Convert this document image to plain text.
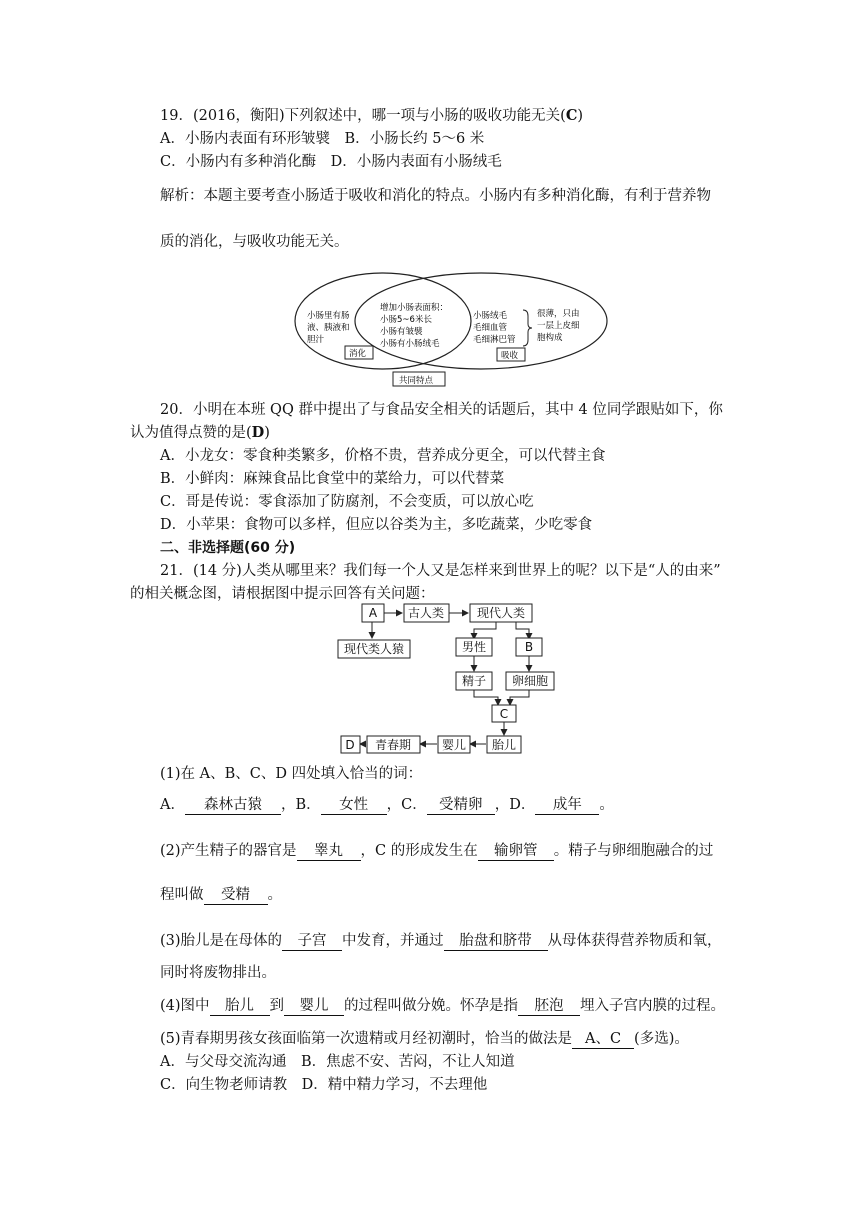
19．(2016，衡阳)下列叙述中，哪一项与小肠的吸收功能无关(C)
A．小肠内表面有环形皱襞　B．小肠长约 5～6 米
C．小肠内有多种消化酶　D．小肠内表面有小肠绒毛
解析：本题主要考查小肠适于吸收和消化的特点。小肠内有多种消化酶，有利于营养物
质的消化，与吸收功能无关。
小肠里有肠
液、胰液和
胆汁
增加小肠表面积：
小肠5~6米长
小肠有皱襞
小肠有小肠绒毛
小肠绒毛
毛细血管
毛细淋巴管
很薄，只由
一层上皮细
胞构成
消化	吸收
共同特点
20．小明在本班 QQ 群中提出了与食品安全相关的话题后，其中 4 位同学跟贴如下，你
认为值得点赞的是(D)
A．小龙女：零食种类繁多，价格不贵，营养成分更全，可以代替主食
B．小鲜肉：麻辣食品比食堂中的菜给力，可以代替菜
C．哥是传说：零食添加了防腐剂，不会变质，可以放心吃
D．小苹果：食物可以多样，但应以谷类为主，多吃蔬菜，少吃零食
二、非选择题(60 分)
21．(14 分)人类从哪里来？我们每一个人又是怎样来到世界上的呢？以下是“人的由来”
的相关概念图，请根据图中提示回答有关问题：
A	古人类	现代人类
现代类人猿	男性	B
精子 卵细胞
C
胎儿
婴儿
青春期
D
(1)在 A、B、C、D 四处填入恰当的词：
A． 森林古猿 ，B． 女性 ，C． 受精卵 ，D． 成年 。
(2)产生精子的器官是 睾丸 ，C 的形成发生在 输卵管 。精子与卵细胞融合的过
程叫做 受精 。
(3)胎儿是在母体的 子宫 中发育，并通过 胎盘和脐带 从母体获得营养物质和氧，
同时将废物排出。
(4)图中 胎儿 到 婴儿 的过程叫做分娩。怀孕是指 胚泡 埋入子宫内膜的过程。
(5)青春期男孩女孩面临第一次遗精或月经初潮时，恰当的做法是 A、C (多选)。
A．与父母交流沟通　B．焦虑不安、苦闷，不让人知道
C．向生物老师请教　D．精中精力学习，不去理他
